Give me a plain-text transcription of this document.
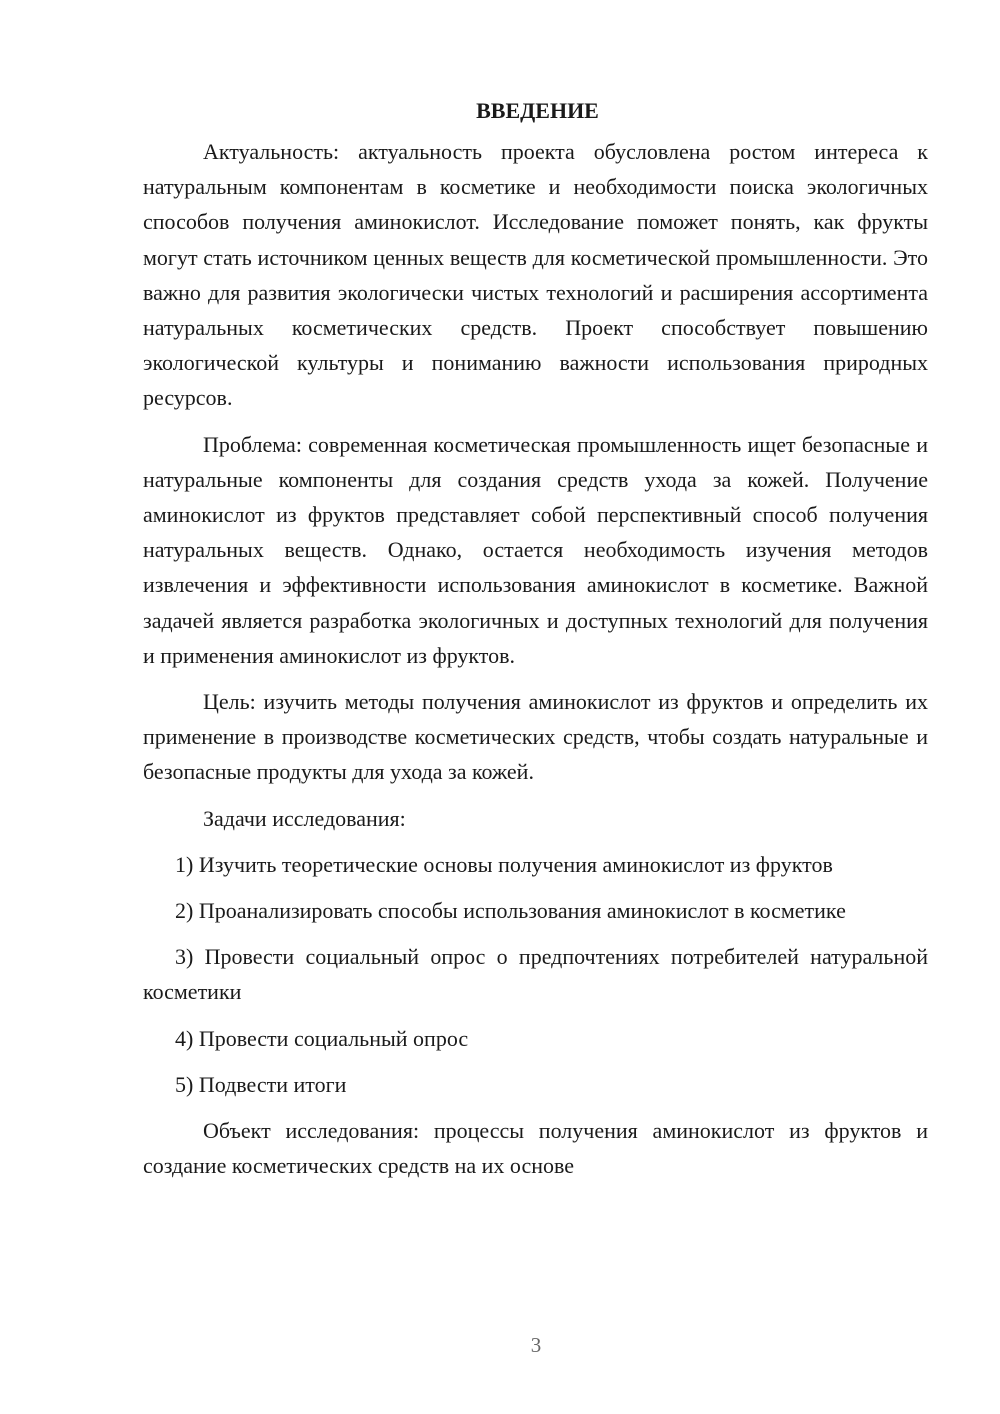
ВВЕДЕНИЕ

Актуальность: актуальность проекта обусловлена ростом интереса к натуральным компонентам в косметике и необходимости поиска экологичных способов получения аминокислот. Исследование поможет понять, как фрукты могут стать источником ценных веществ для косметической промышленности. Это важно для развития экологически чистых технологий и расширения ассортимента натуральных косметических средств. Проект способствует повышению экологической культуры и пониманию важности использования природных ресурсов.

Проблема: современная косметическая промышленность ищет безопасные и натуральные компоненты для создания средств ухода за кожей. Получение аминокислот из фруктов представляет собой перспективный способ получения натуральных веществ. Однако, остается необходимость изучения методов извлечения и эффективности использования аминокислот в косметике. Важной задачей является разработка экологичных и доступных технологий для получения и применения аминокислот из фруктов.

Цель: изучить методы получения аминокислот из фруктов и определить их применение в производстве косметических средств, чтобы создать натуральные и безопасные продукты для ухода за кожей.

Задачи исследования:

1) Изучить теоретические основы получения аминокислот из фруктов

2) Проанализировать способы использования аминокислот в косметике

3) Провести социальный опрос о предпочтениях потребителей натуральной косметики

4) Провести социальный опрос

5) Подвести итоги

Объект исследования: процессы получения аминокислот из фруктов и создание косметических средств на их основе

3
